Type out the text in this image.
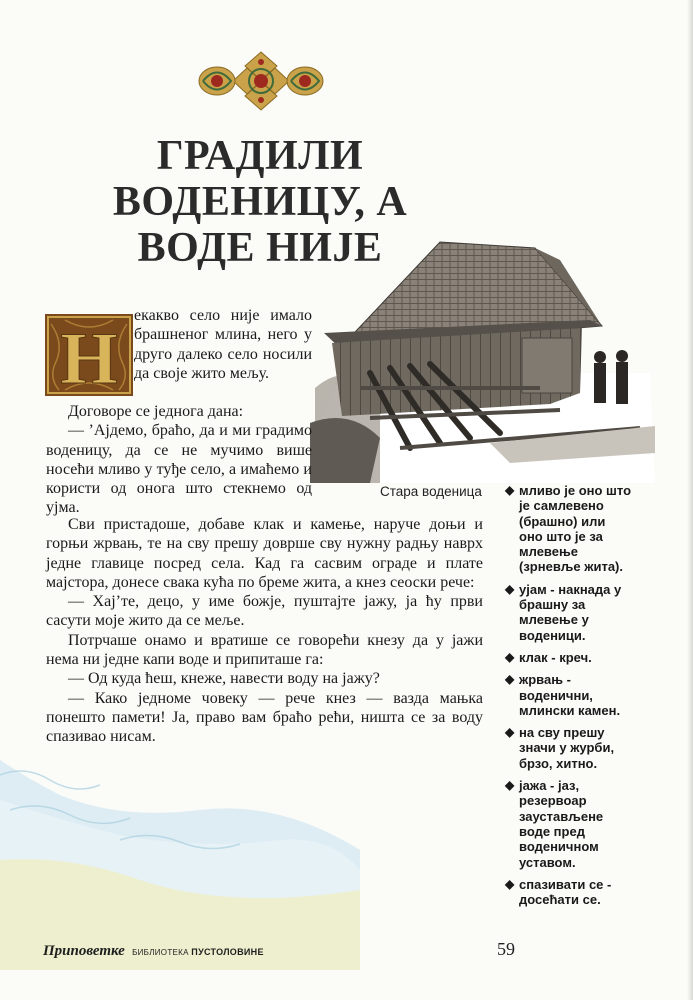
ГРАДИЛИ
ВОДЕНИЦУ, А
ВОДЕ НИЈЕ
Стара воденица
Н

екакво село није имало брашненог млина, него у друго далеко село носили да своје жито мељу.

Договоре се једнога дана:

— ’Ајдемо, браћо, да и ми градимо воденицу, да се не мучимо више носећи мливо у туђе село, а имаћемо и користи од онога што стекнемо од ујма.

Сви пристадоше, добаве клак и камење, наруче доњи и горњи жрвањ, те на сву прешу довршe сву нужну радњу наврх једне главице посред села. Кад га сасвим ограде и плате мајстора, донесе свака кућа по бреме жита, а кнез сеоски рече:

— Хај’те, децо, у име божје, пуштајте јажу, ја ћу први сасути моје жито да се меље.

Потрчаше онамо и вратише се говорећи кнезу да у јажи нема ни једне капи воде и припиташе га:

— Од куда ћеш, кнеже, навести воду на јажу?

— Како једноме човеку — рече кнез — вазда мањка понешто памети! Ја, право вам браћо рећи, ништа се за воду спазивао нисам.

◆ мливо је оно што је самлевено (брашно) или оно што је за млевење (зрневље жита).
◆ ујам - накнада у брашну за млевење у воденици.
◆ клак - креч.
◆ жрвањ - воденични, млински камен.
◆ на сву прешу значи у журби, брзо, хитно.
◆ јажа - јаз, резервоар заустављене воде пред воденичном уставом.
◆ спазивати се - досећати се.
Приповетке БИБЛИОТЕКА ПУСТОЛОВИНЕ	59
